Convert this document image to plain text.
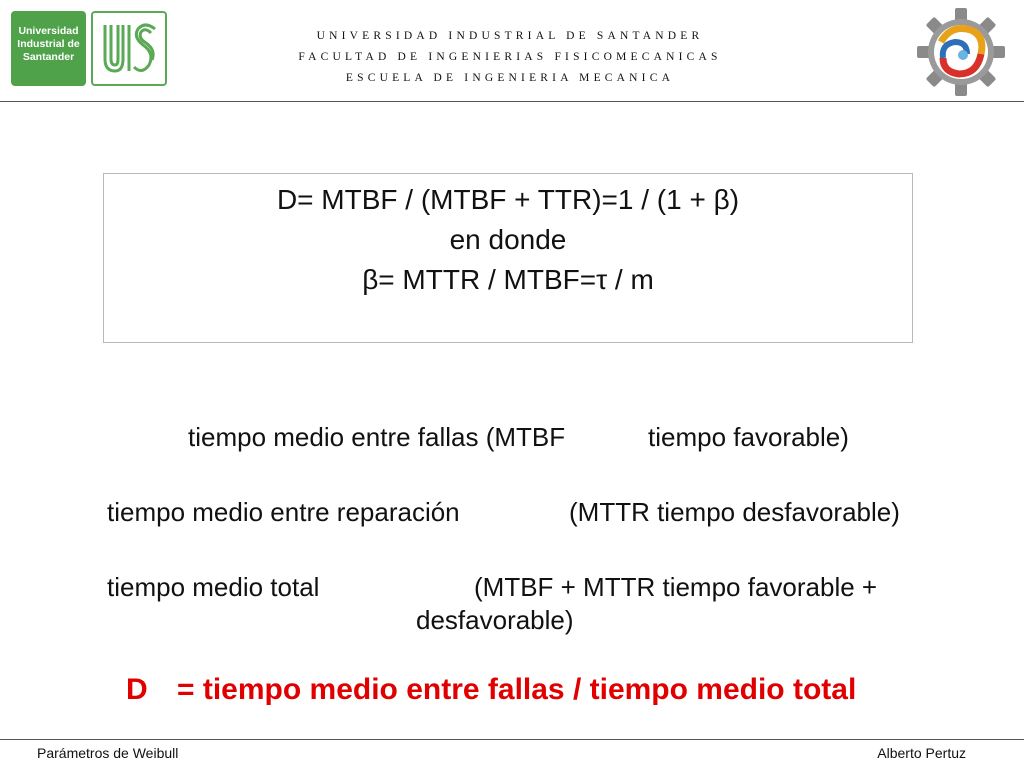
Universidad
Industrial de
Santander
UNIVERSIDAD INDUSTRIAL DE SANTANDER
FACULTAD DE INGENIERIAS FISICOMECANICAS
ESCUELA DE INGENIERIA MECANICA
D= MTBF / (MTBF + TTR)=1 / (1 + β)
en donde
β= MTTR / MTBF=τ / m
tiempo medio entre fallas (MTBF	tiempo favorable)
tiempo medio entre reparación	(MTTR tiempo desfavorable)
tiempo medio total	(MTBF + MTTR tiempo favorable +
desfavorable)
D = tiempo medio entre fallas / tiempo medio total
Parámetros de Weibull	Alberto Pertuz
